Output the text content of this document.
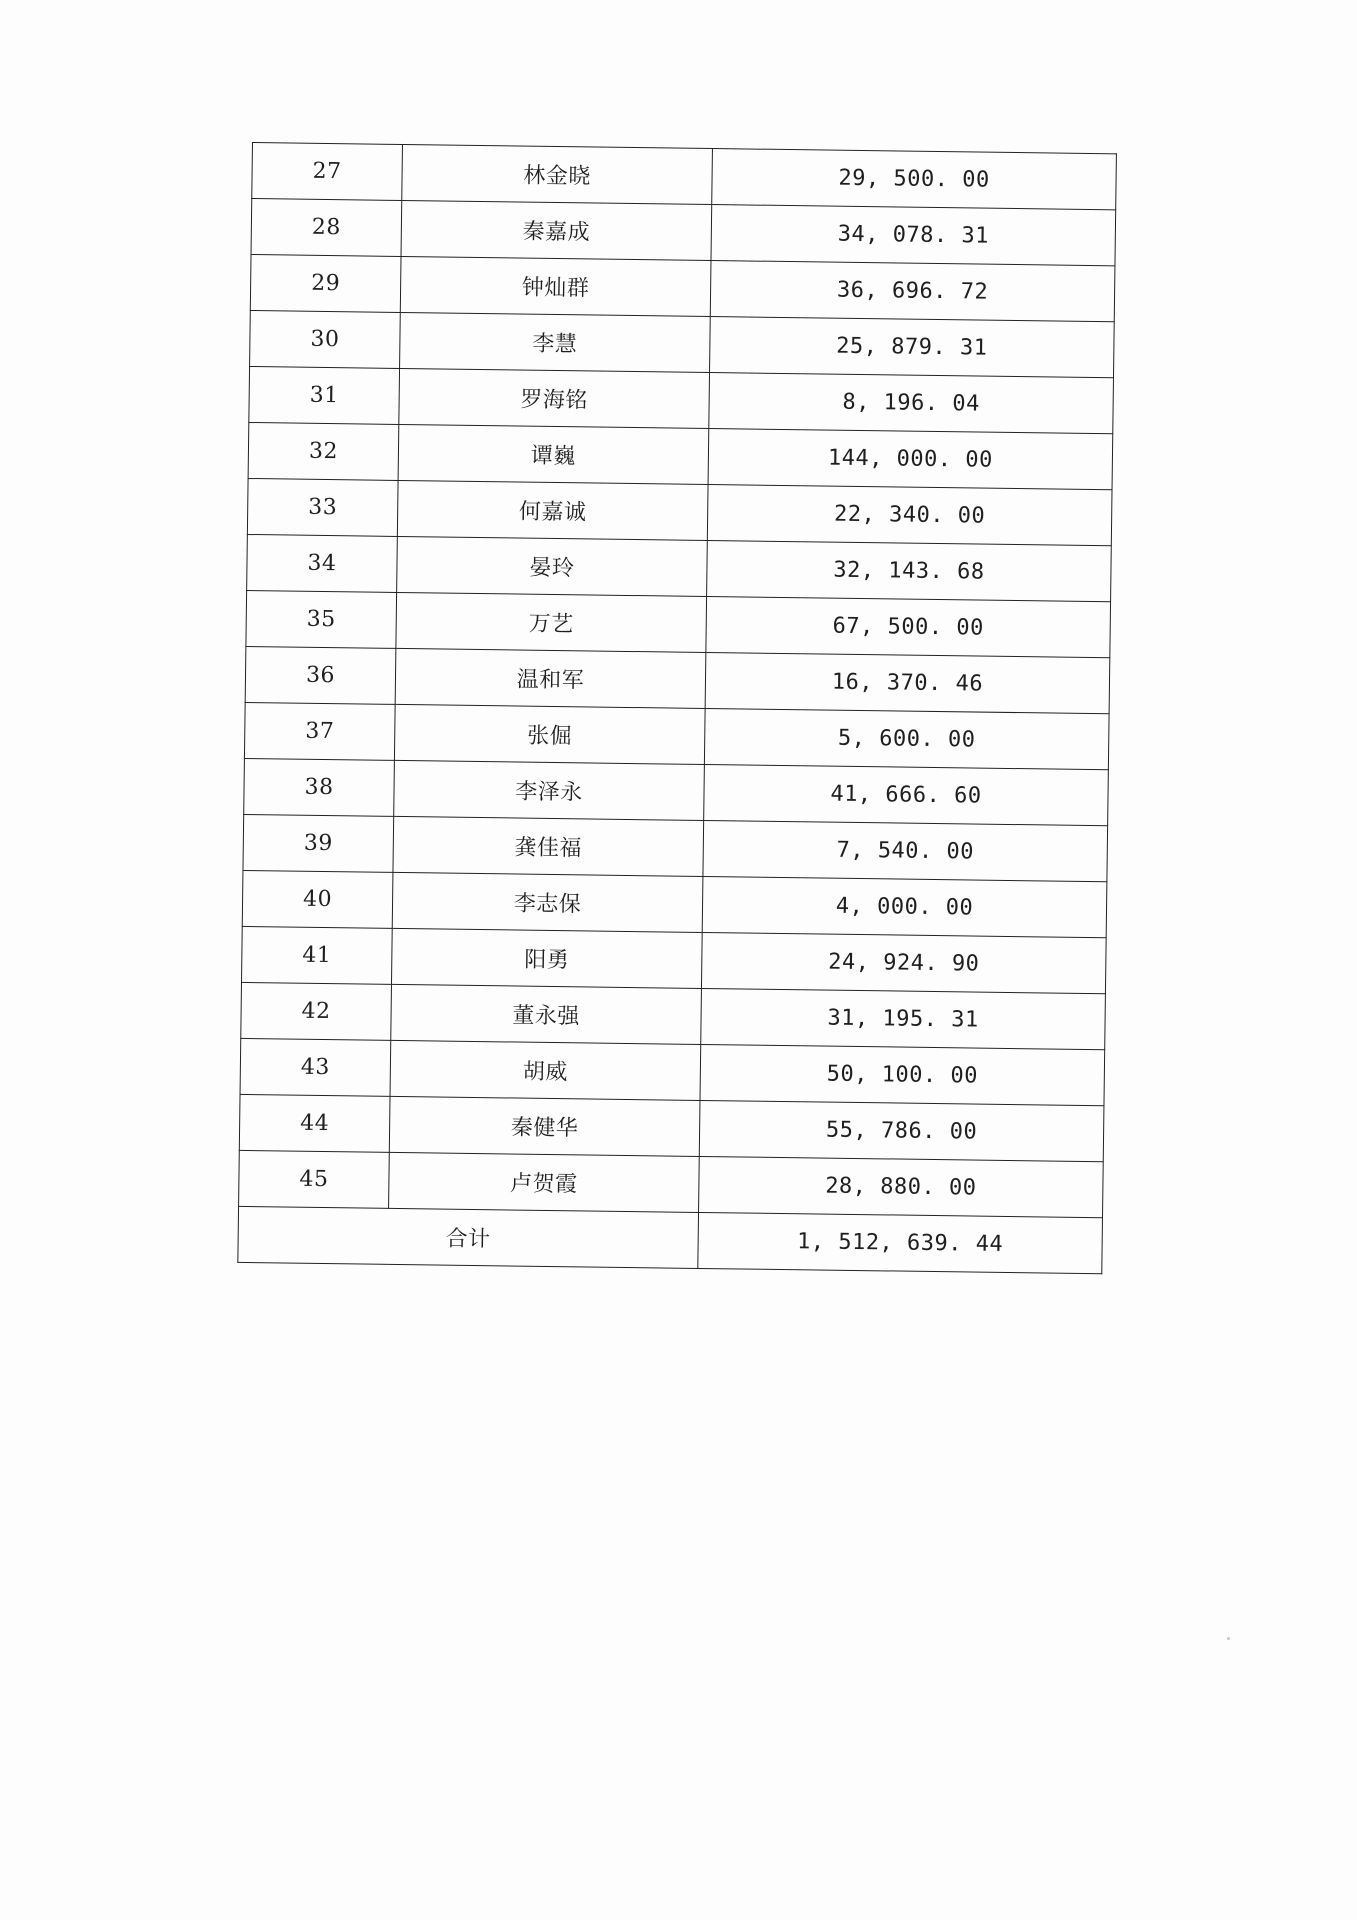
27	林金晓	29, 500. 00
28	秦嘉成	34, 078. 31
29	钟灿群	36, 696. 72
30	李慧	25, 879. 31
31	罗海铭	8, 196. 04
32	谭巍	144, 000. 00
33	何嘉诚	22, 340. 00
34	晏玲	32, 143. 68
35	万艺	67, 500. 00
36	温和军	16, 370. 46
37	张倔	5, 600. 00
38	李泽永	41, 666. 60
39	龚佳福	7, 540. 00
40	李志保	4, 000. 00
41	阳勇	24, 924. 90
42	董永强	31, 195. 31
43	胡威	50, 100. 00
44	秦健华	55, 786. 00
45	卢贺霞	28, 880. 00
合计		1, 512, 639. 44
